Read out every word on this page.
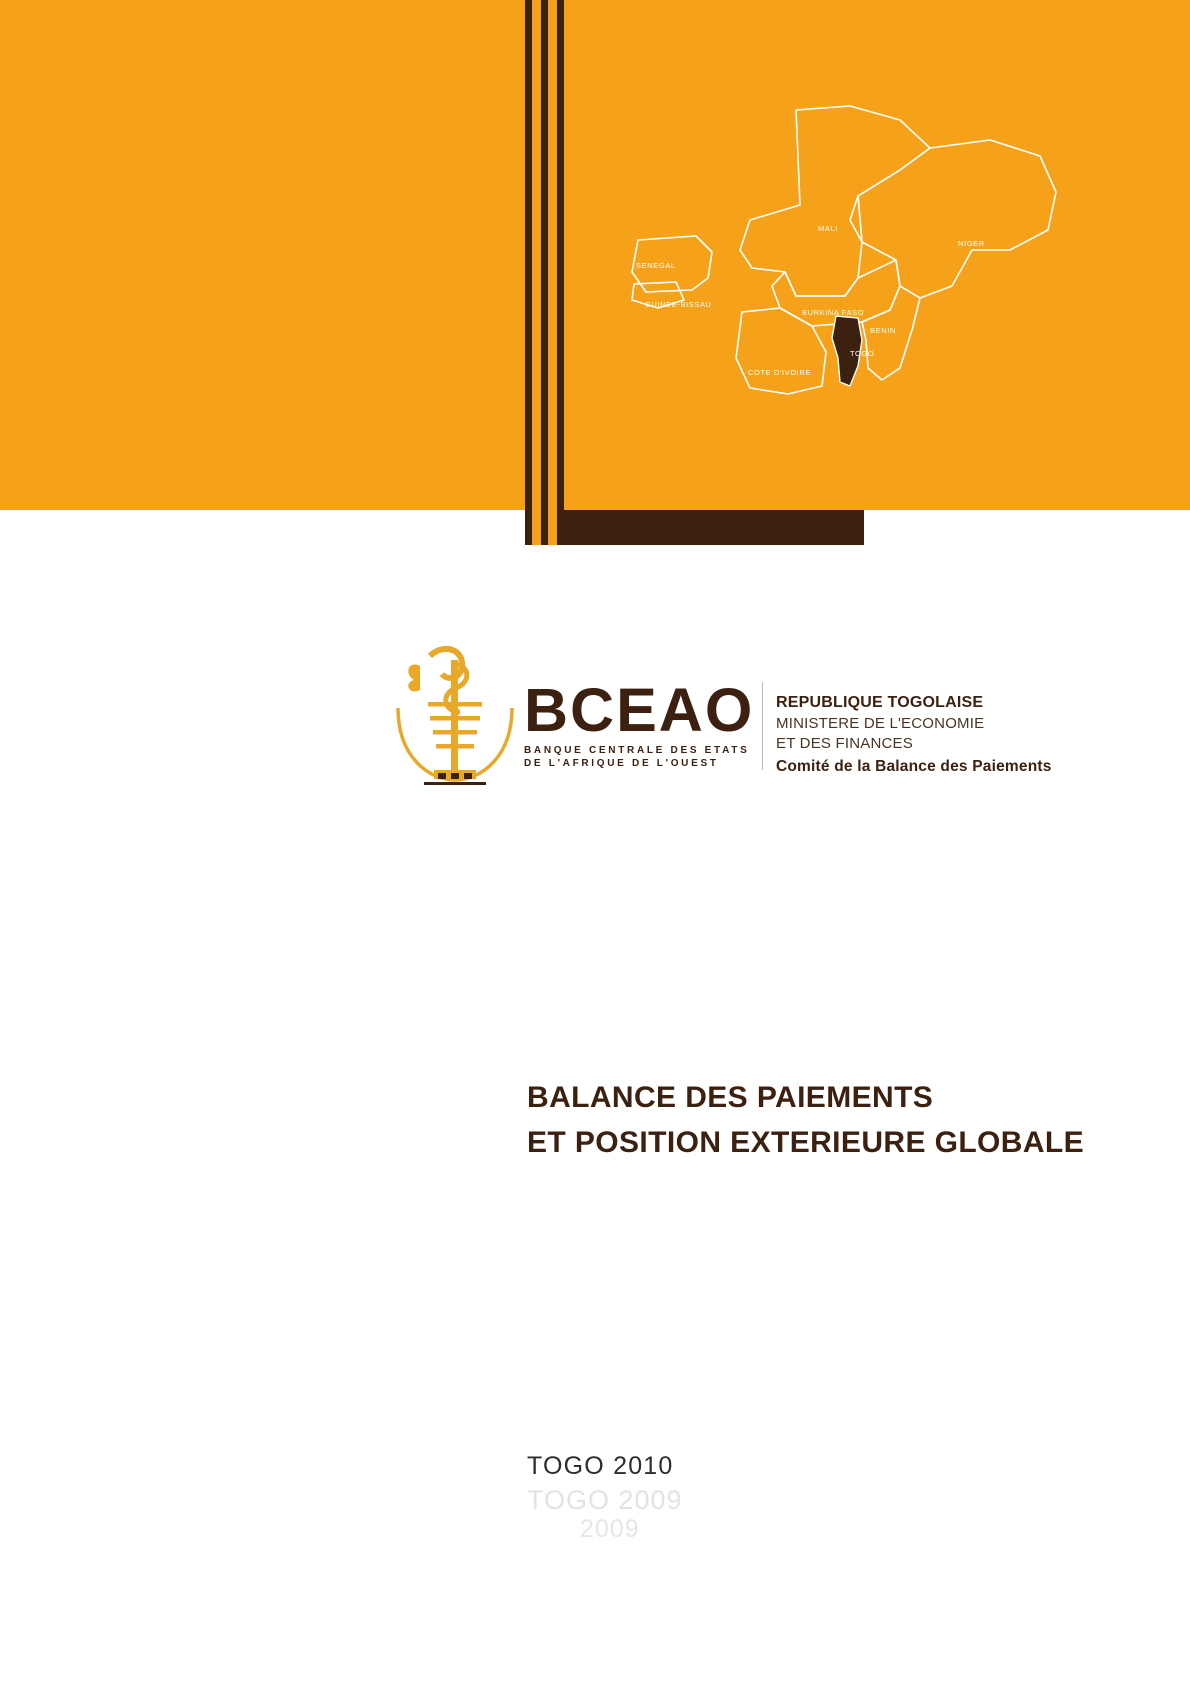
MALI
NIGER
SENEGAL
GUINEE-BISSAU
BURKINA FASO
BENIN
TOGO
COTE D'IVOIRE
BCEAO
BANQUE CENTRALE DES ETATS
DE L'AFRIQUE DE L'OUEST
REPUBLIQUE TOGOLAISE
MINISTERE DE L'ECONOMIE
ET DES FINANCES
Comité de la Balance des Paiements
BALANCE DES PAIEMENTS
ET POSITION EXTERIEURE GLOBALE
TOGO 2010
TOGO 2009
2009
